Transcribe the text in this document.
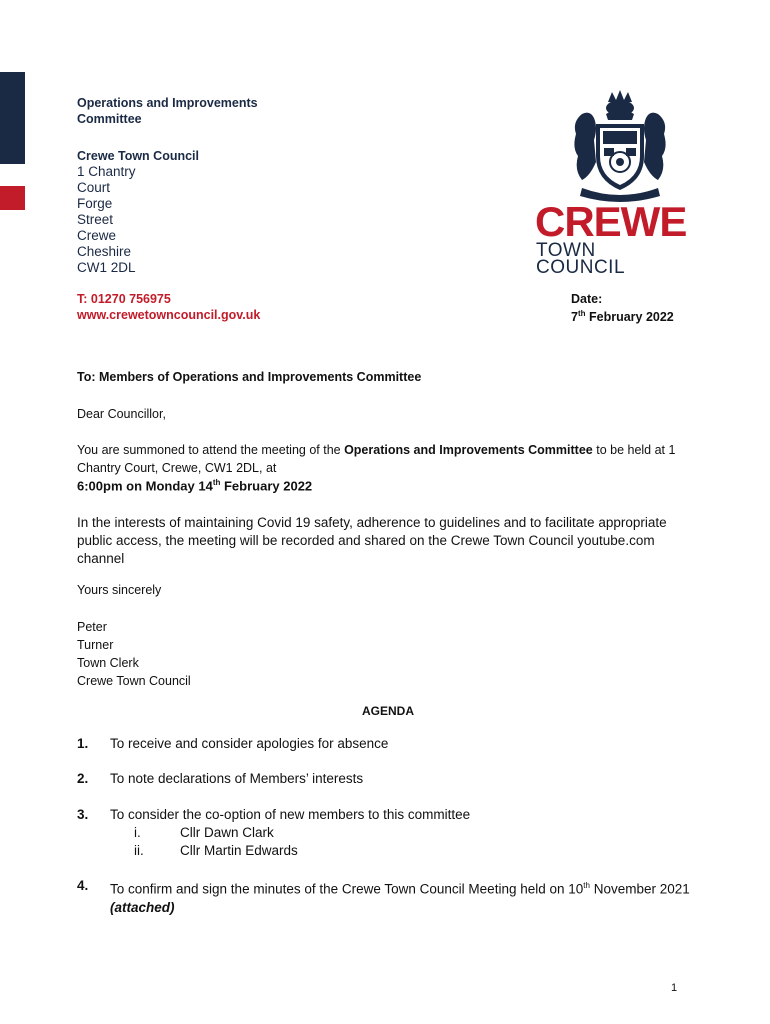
Operations and Improvements Committee
Crewe Town Council
1 Chantry
Court
Forge
Street
Crewe
Cheshire
CW1 2DL
T: 01270 756975
www.crewetowncouncil.gov.uk
CREWE
TOWN
COUNCIL
Date:
7th February 2022
To: Members of Operations and Improvements Committee
Dear Councillor,
You are summoned to attend the meeting of the Operations and Improvements Committee to be held at 1 Chantry Court, Crewe, CW1 2DL, at
6:00pm on Monday 14th February 2022
In the interests of maintaining Covid 19 safety, adherence to guidelines and to facilitate appropriate public access, the meeting will be recorded and shared on the Crewe Town Council youtube.com channel
Yours sincerely
Peter
Turner
Town Clerk
Crewe Town Council
AGENDA
1. To receive and consider apologies for absence
2. To note declarations of Members’ interests
3. To consider the co-option of new members to this committee
i.	Cllr Dawn Clark
ii.	Cllr Martin Edwards
4. To confirm and sign the minutes of the Crewe Town Council Meeting held on 10th November 2021 (attached)
1
